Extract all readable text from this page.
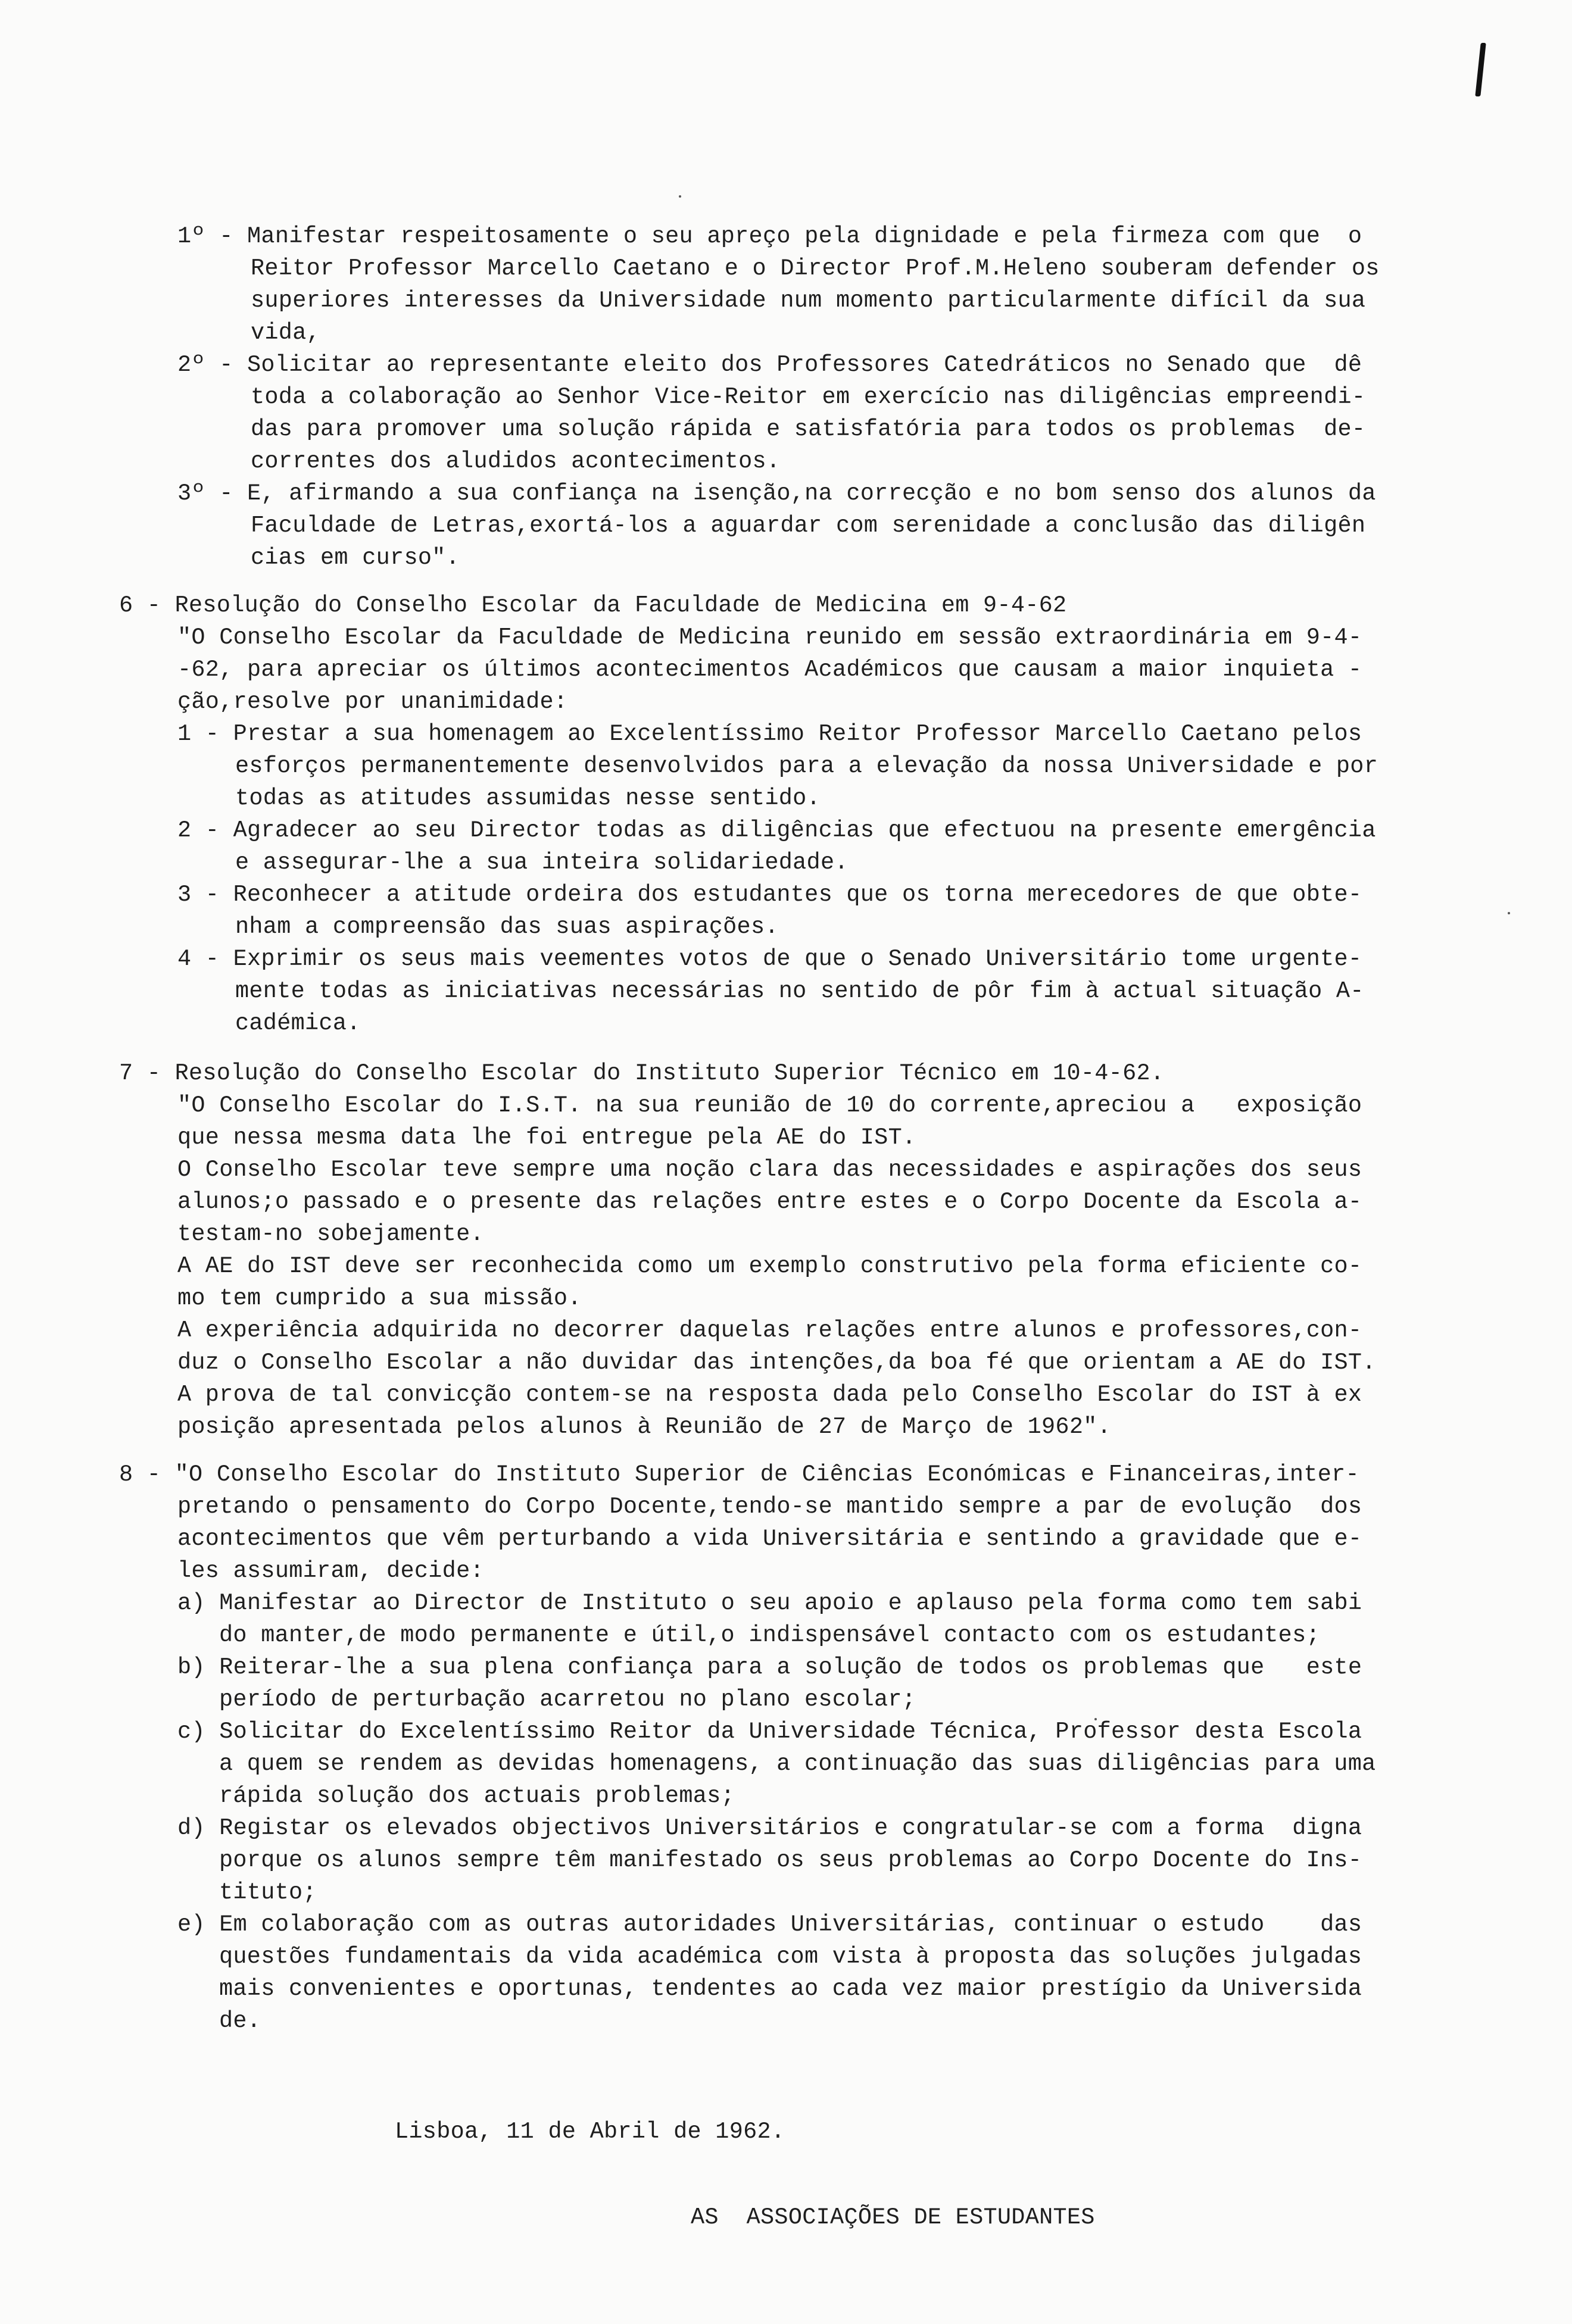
1º - Manifestar respeitosamente o seu apreço pela dignidade e pela firmeza com que  o
Reitor Professor Marcello Caetano e o Director Prof.M.Heleno souberam defender os
superiores interesses da Universidade num momento particularmente difícil da sua
vida,
2º - Solicitar ao representante eleito dos Professores Catedráticos no Senado que  dê
toda a colaboração ao Senhor Vice-Reitor em exercício nas diligências empreendi-
das para promover uma solução rápida e satisfatória para todos os problemas  de-
correntes dos aludidos acontecimentos.
3º - E, afirmando a sua confiança na isenção,na correcção e no bom senso dos alunos da
Faculdade de Letras,exortá-los a aguardar com serenidade a conclusão das diligên
cias em curso".
6 - Resolução do Conselho Escolar da Faculdade de Medicina em 9-4-62
"O Conselho Escolar da Faculdade de Medicina reunido em sessão extraordinária em 9-4-
-62, para apreciar os últimos acontecimentos Académicos que causam a maior inquieta -
ção,resolve por unanimidade:
1 - Prestar a sua homenagem ao Excelentíssimo Reitor Professor Marcello Caetano pelos
esforços permanentemente desenvolvidos para a elevação da nossa Universidade e por
todas as atitudes assumidas nesse sentido.
2 - Agradecer ao seu Director todas as diligências que efectuou na presente emergência
e assegurar-lhe a sua inteira solidariedade.
3 - Reconhecer a atitude ordeira dos estudantes que os torna merecedores de que obte-
nham a compreensão das suas aspirações.
4 - Exprimir os seus mais veementes votos de que o Senado Universitário tome urgente-
mente todas as iniciativas necessárias no sentido de pôr fim à actual situação A-
cadémica.
7 - Resolução do Conselho Escolar do Instituto Superior Técnico em 10-4-62.
"O Conselho Escolar do I.S.T. na sua reunião de 10 do corrente,apreciou a   exposição
que nessa mesma data lhe foi entregue pela AE do IST.
O Conselho Escolar teve sempre uma noção clara das necessidades e aspirações dos seus
alunos;o passado e o presente das relações entre estes e o Corpo Docente da Escola a-
testam-no sobejamente.
A AE do IST deve ser reconhecida como um exemplo construtivo pela forma eficiente co-
mo tem cumprido a sua missão.
A experiência adquirida no decorrer daquelas relações entre alunos e professores,con-
duz o Conselho Escolar a não duvidar das intenções,da boa fé que orientam a AE do IST.
A prova de tal convicção contem-se na resposta dada pelo Conselho Escolar do IST à ex
posição apresentada pelos alunos à Reunião de 27 de Março de 1962".
8 - "O Conselho Escolar do Instituto Superior de Ciências Económicas e Financeiras,inter-
pretando o pensamento do Corpo Docente,tendo-se mantido sempre a par de evolução  dos
acontecimentos que vêm perturbando a vida Universitária e sentindo a gravidade que e-
les assumiram, decide:
a) Manifestar ao Director de Instituto o seu apoio e aplauso pela forma como tem sabi
do manter,de modo permanente e útil,o indispensável contacto com os estudantes;
b) Reiterar-lhe a sua plena confiança para a solução de todos os problemas que   este
período de perturbação acarretou no plano escolar;
c) Solicitar do Excelentíssimo Reitor da Universidade Técnica, Professor desta Escola
a quem se rendem as devidas homenagens, a continuação das suas diligências para uma
rápida solução dos actuais problemas;
d) Registar os elevados objectivos Universitários e congratular-se com a forma  digna
porque os alunos sempre têm manifestado os seus problemas ao Corpo Docente do Ins-
tituto;
e) Em colaboração com as outras autoridades Universitárias, continuar o estudo    das
questões fundamentais da vida académica com vista à proposta das soluções julgadas
mais convenientes e oportunas, tendentes ao cada vez maior prestígio da Universida
de.
Lisboa, 11 de Abril de 1962.
AS  ASSOCIAÇÕES DE ESTUDANTES
